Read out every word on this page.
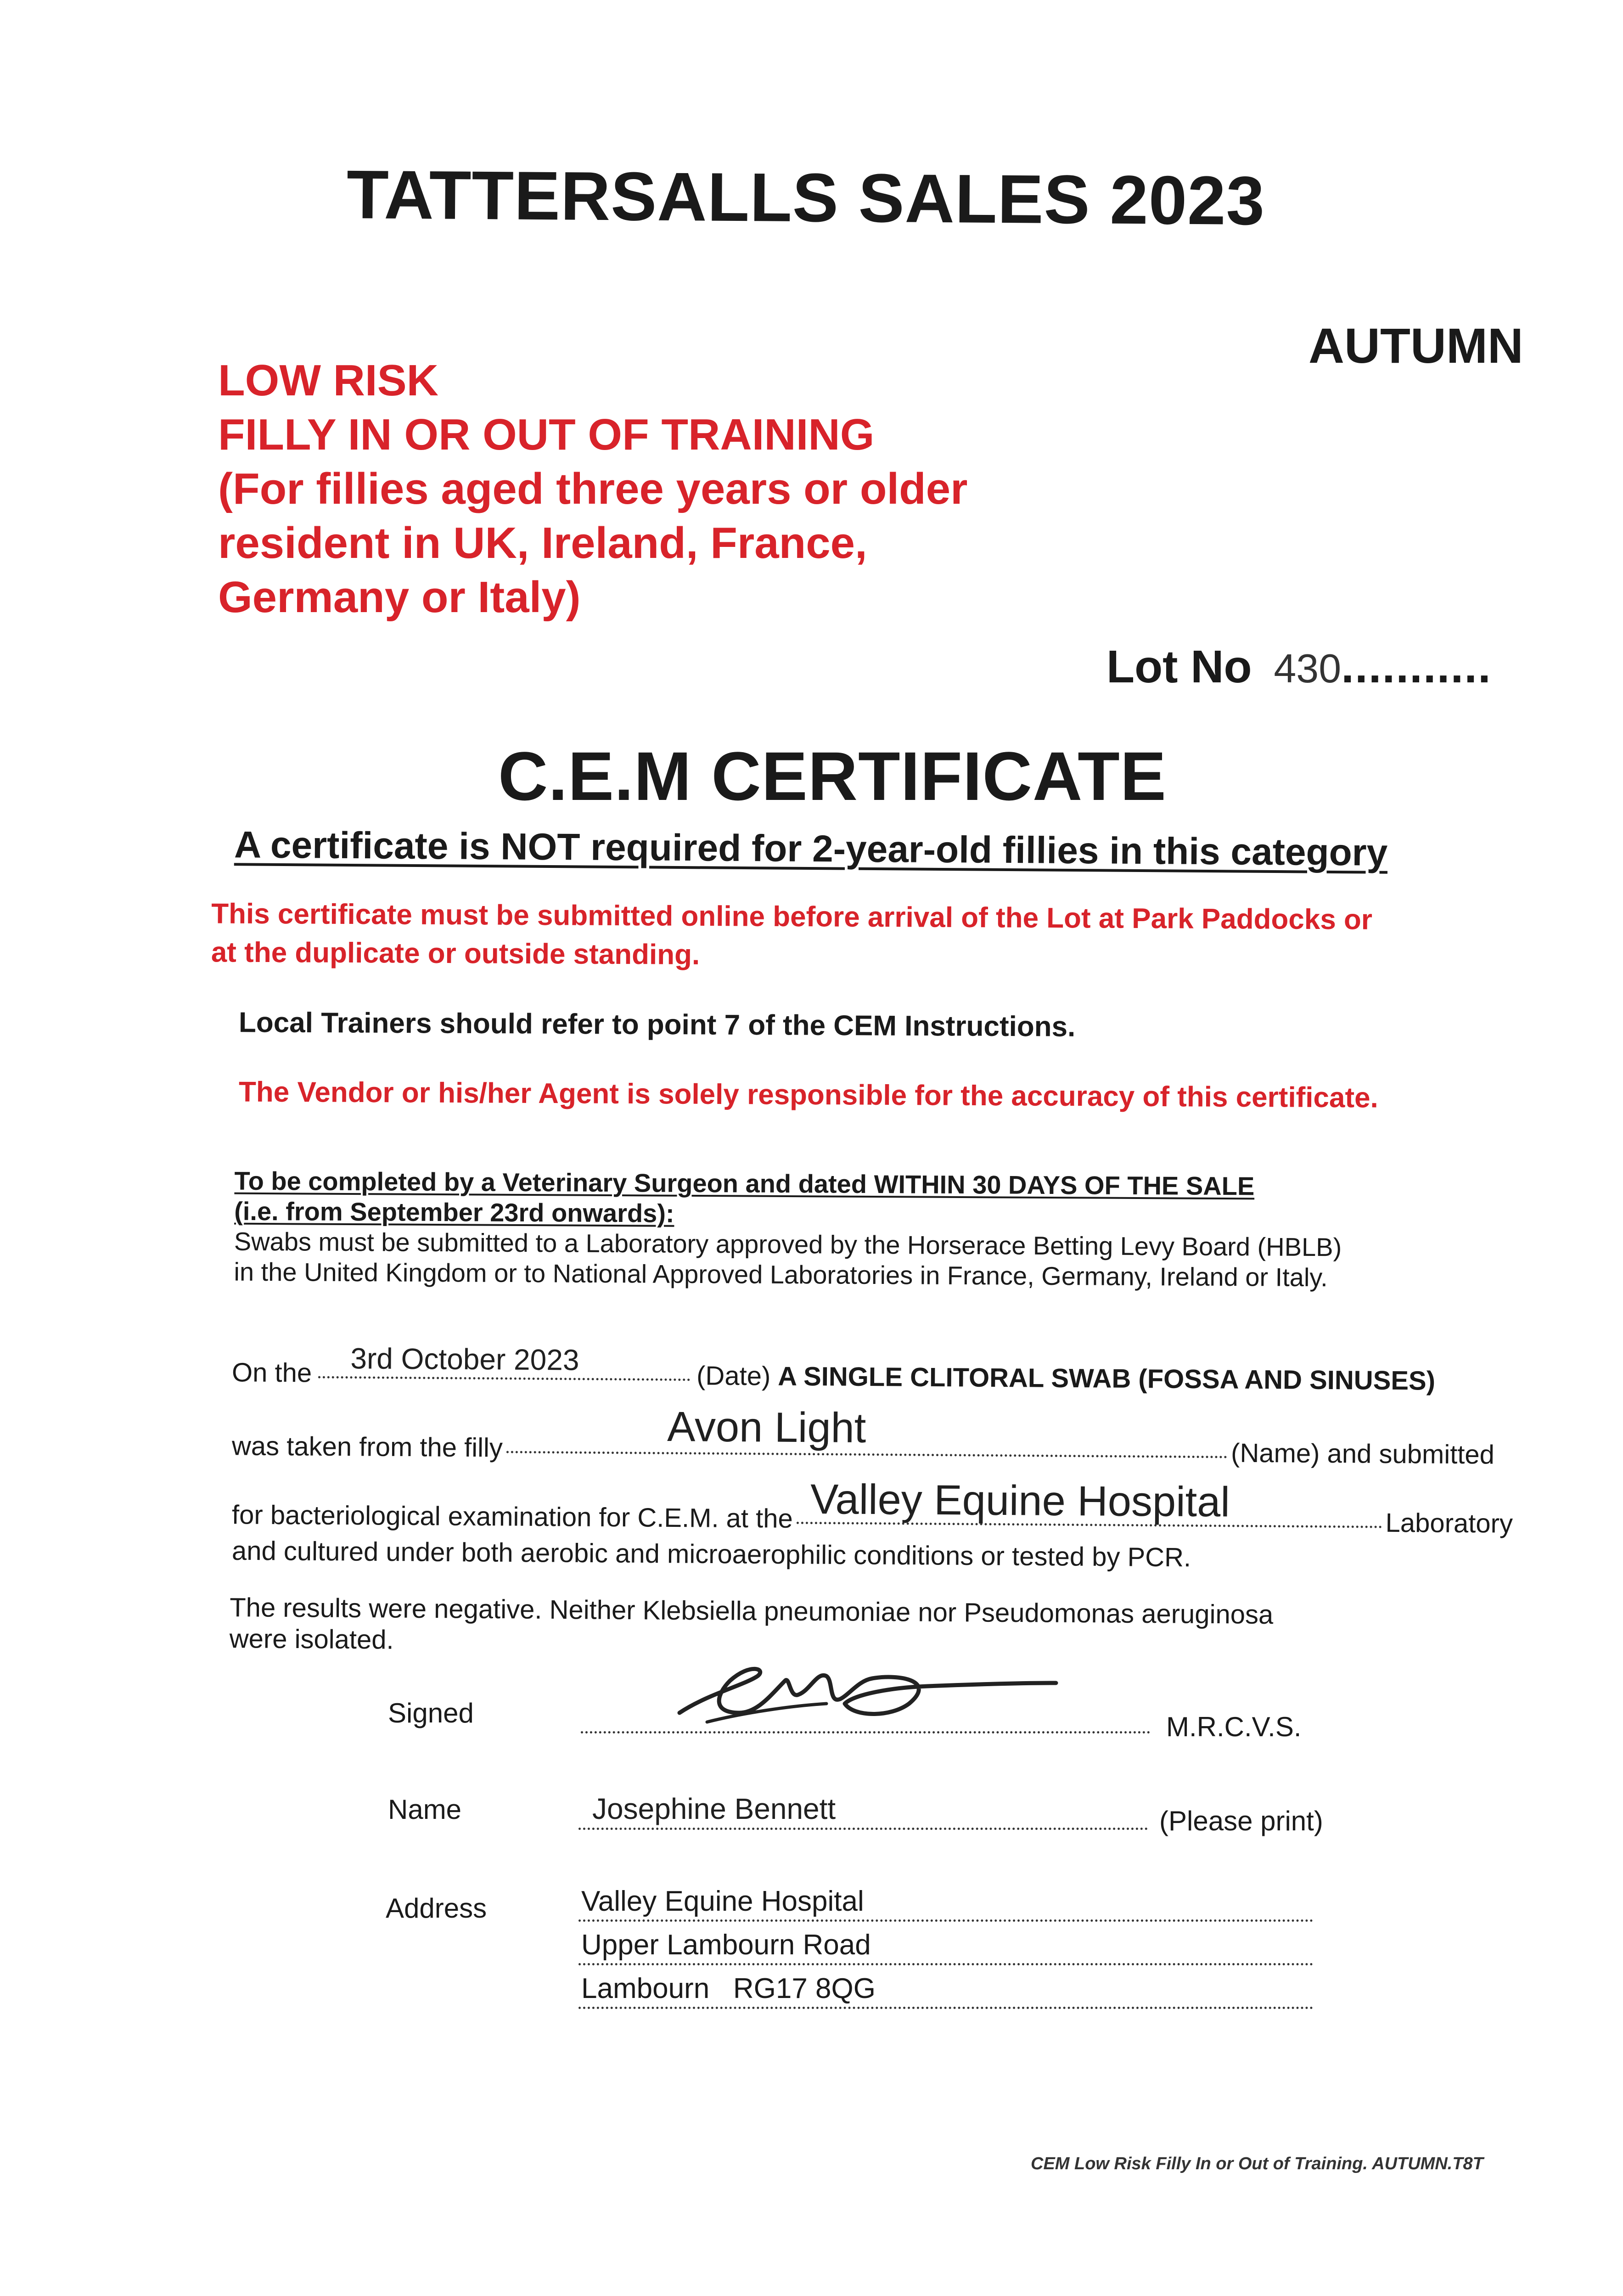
TATTERSALLS SALES 2023
AUTUMN
LOW RISK
FILLY IN OR OUT OF TRAINING
(For fillies aged three years or older
resident in UK, Ireland, France,
Germany or Italy)
Lot No 430...........
C.E.M CERTIFICATE
A certificate is NOT required for 2-year-old fillies in this category
This certificate must be submitted online before arrival of the Lot at Park Paddocks or
at the duplicate or outside standing.
Local Trainers should refer to point 7 of the CEM Instructions.
The Vendor or his/her Agent is solely responsible for the accuracy of this certificate.
To be completed by a Veterinary Surgeon and dated WITHIN 30 DAYS OF THE SALE
(i.e. from September 23rd onwards):
Swabs must be submitted to a Laboratory approved by the Horserace Betting Levy Board (HBLB)
in the United Kingdom or to National Approved Laboratories in France, Germany, Ireland or Italy.
On the 3rd October 2023	(Date) A SINGLE CLITORAL SWAB (FOSSA AND SINUSES)
was taken from the filly	Avon Light
(Name) and submitted
for bacteriological examination for C.E.M. at the Valley Equine Hospital	Laboratory
and cultured under both aerobic and microaerophilic conditions or tested by PCR.
The results were negative. Neither Klebsiella pneumoniae nor Pseudomonas aeruginosa
were isolated.
Signed	M.R.C.V.S.
Name	Josephine Bennett	(Please print)
Address	Valley Equine Hospital
Upper Lambourn Road
Lambourn   RG17 8QG
CEM Low Risk Filly In or Out of Training. AUTUMN.T8T
